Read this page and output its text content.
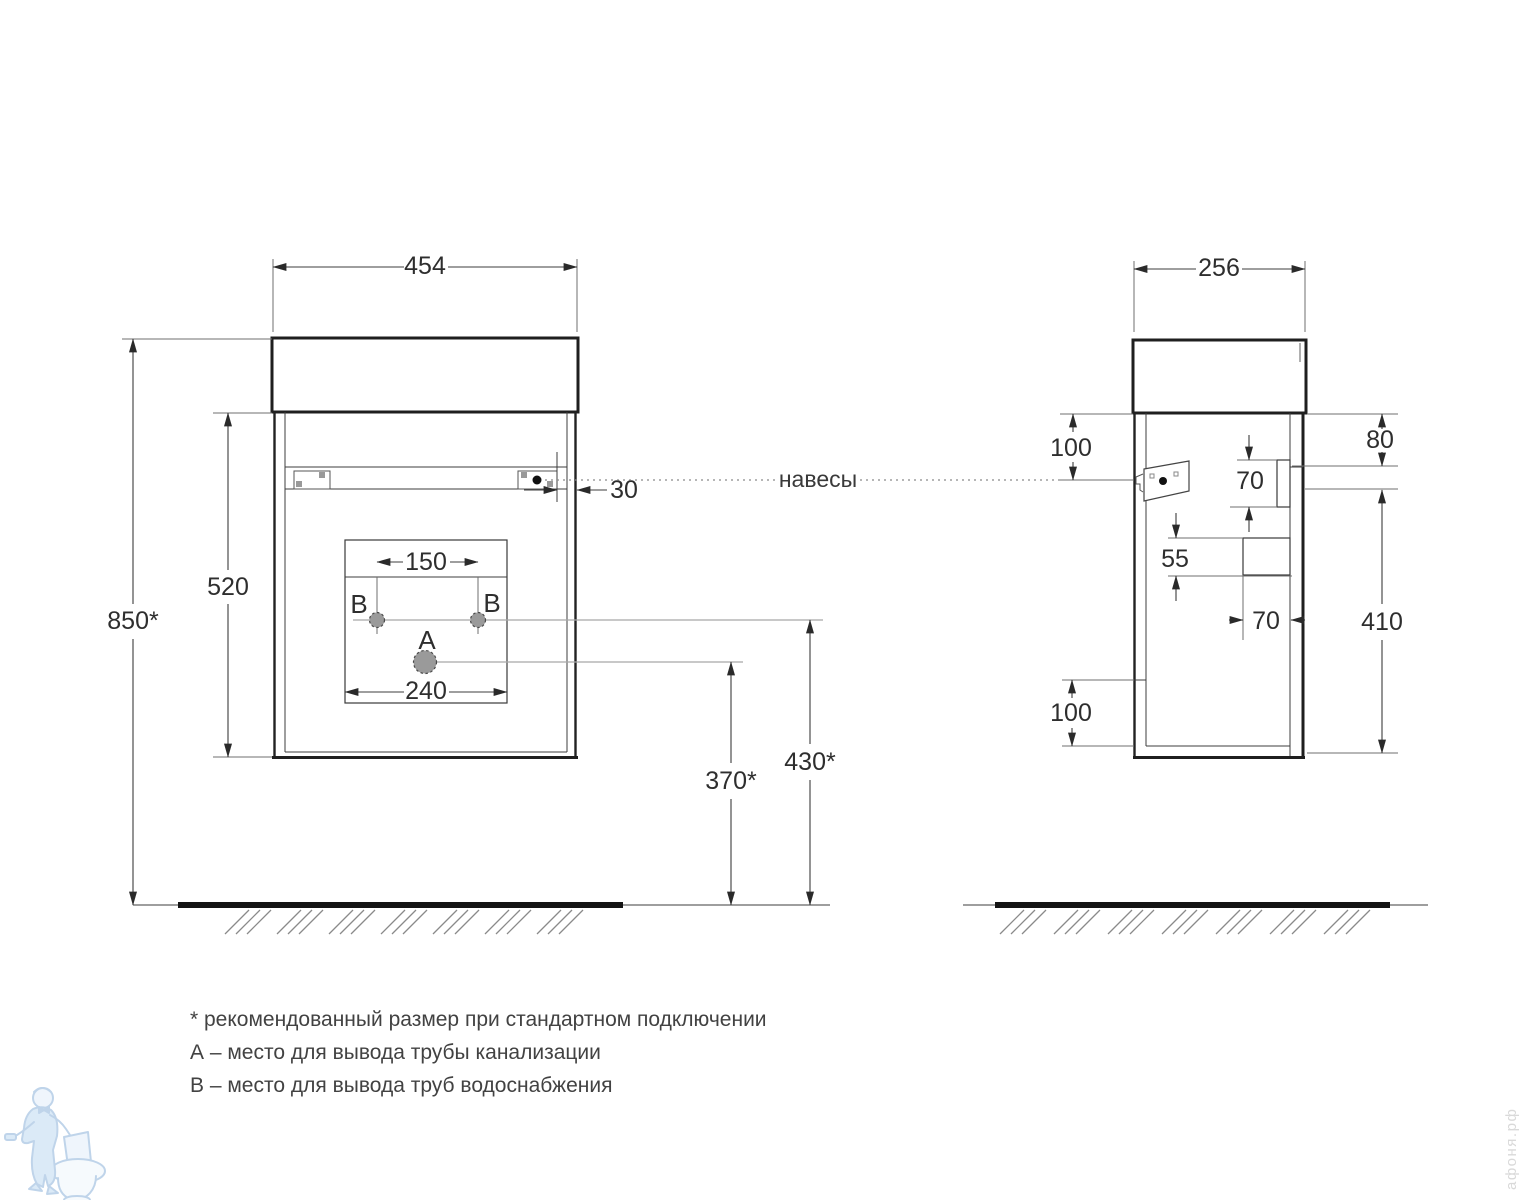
B	B
A
454
850*
520
30
150
240
370*
430*
навесы
256
100	80
70
55
70	410
100
* рекомендованный размер при стандартном подключении
А – место для вывода трубы канализации
В – место для вывода труб водоснабжения
афоня.рф
